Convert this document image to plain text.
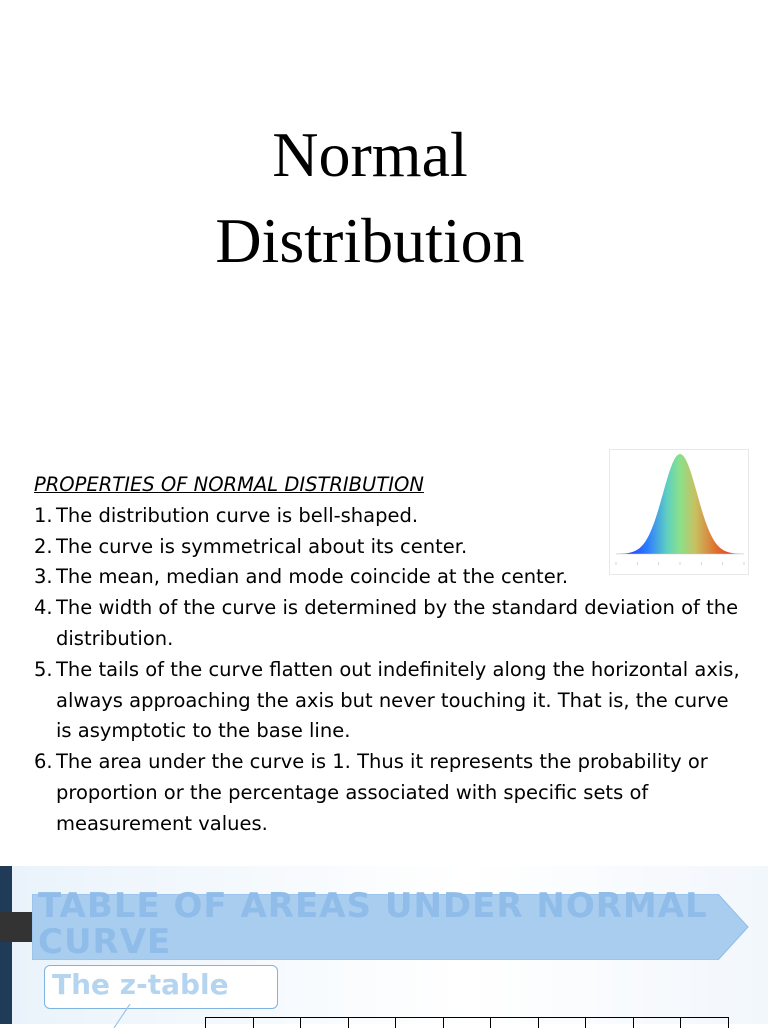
Normal
Distribution
PROPERTIES OF NORMAL DISTRIBUTION
1. The distribution curve is bell-shaped.
2. The curve is symmetrical about its center.
3. The mean, median and mode coincide at the center.
4. The width of the curve is determined by the standard deviation of the distribution.
5. The tails of the curve flatten out indefinitely along the horizontal axis, always approaching the axis but never touching it. That is, the curve is asymptotic to the base line.
6. The area under the curve is 1. Thus it represents the probability or proportion or the percentage associated with specific sets of measurement values.
TABLE OF AREAS UNDER NORMAL CURVE
The z-table
